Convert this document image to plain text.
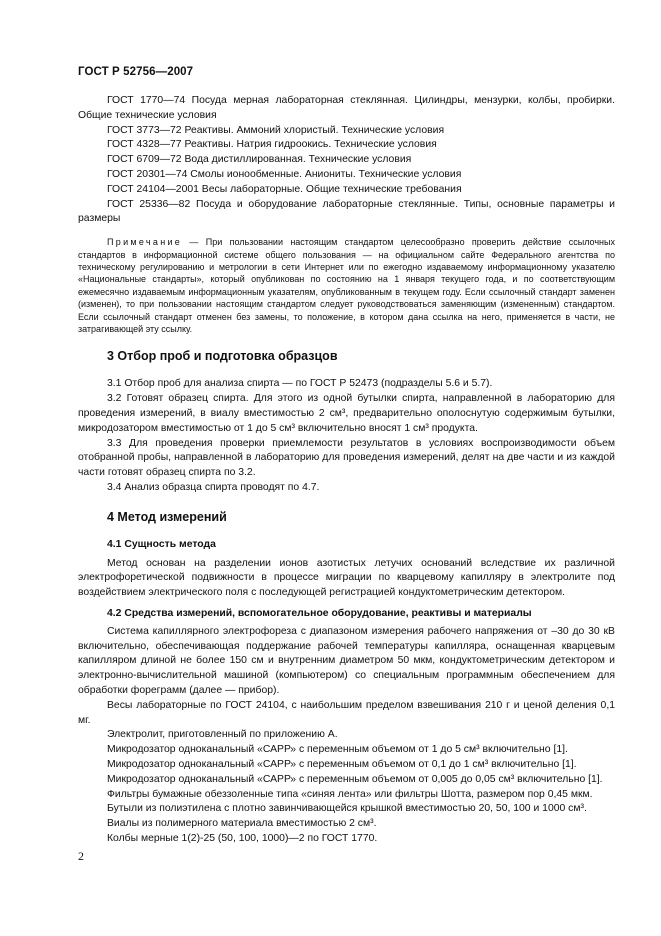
ГОСТ Р 52756—2007

ГОСТ 1770—74 Посуда мерная лабораторная стеклянная. Цилиндры, мензурки, колбы, пробирки. Общие технические условия

ГОСТ 3773—72 Реактивы. Аммоний хлористый. Технические условия

ГОСТ 4328—77 Реактивы. Натрия гидроокись. Технические условия

ГОСТ 6709—72 Вода дистиллированная. Технические условия

ГОСТ 20301—74 Смолы ионообменные. Аниониты. Технические условия

ГОСТ 24104—2001 Весы лабораторные. Общие технические требования

ГОСТ 25336—82 Посуда и оборудование лабораторные стеклянные. Типы, основные параметры и размеры

Примечание — При пользовании настоящим стандартом целесообразно проверить действие ссылочных стандартов в информационной системе общего пользования — на официальном сайте Федерального агентства по техническому регулированию и метрологии в сети Интернет или по ежегодно издаваемому информационному указателю «Национальные стандарты», который опубликован по состоянию на 1 января текущего года, и по соответствующим ежемесячно издаваемым информационным указателям, опубликованным в текущем году. Если ссылочный стандарт заменен (изменен), то при пользовании настоящим стандартом следует руководствоваться заменяющим (измененным) стандартом. Если ссылочный стандарт отменен без замены, то положение, в котором дана ссылка на него, применяется в части, не затрагивающей эту ссылку.
3 Отбор проб и подготовка образцов

3.1 Отбор проб для анализа спирта — по ГОСТ Р 52473 (подразделы 5.6 и 5.7).

3.2 Готовят образец спирта. Для этого из одной бутылки спирта, направленной в лабораторию для проведения измерений, в виалу вместимостью 2 см³, предварительно ополоснутую содержимым бутылки, микродозатором вместимостью от 1 до 5 см³ включительно вносят 1 см³ продукта.

3.3 Для проведения проверки приемлемости результатов в условиях воспроизводимости объем отобранной пробы, направленной в лабораторию для проведения измерений, делят на две части и из каждой части готовят образец спирта по 3.2.

3.4 Анализ образца спирта проводят по 4.7.

4 Метод измерений
4.1 Сущность метода

Метод основан на разделении ионов азотистых летучих оснований вследствие их различной электрофоретической подвижности в процессе миграции по кварцевому капилляру в электролите под воздействием электрического поля с последующей регистрацией кондуктометрическим детектором.

4.2 Средства измерений, вспомогательное оборудование, реактивы и материалы

Система капиллярного электрофореза с диапазоном измерения рабочего напряжения от –30 до 30 кВ включительно, обеспечивающая поддержание рабочей температуры капилляра, оснащенная кварцевым капилляром длиной не более 150 см и внутренним диаметром 50 мкм, кондуктометрическим детектором и электронно-вычислительной машиной (компьютером) со специальным программным обеспечением для обработки фореграмм (далее — прибор).

Весы лабораторные по ГОСТ 24104, с наибольшим пределом взвешивания 210 г и ценой деления 0,1 мг.

Электролит, приготовленный по приложению А.

Микродозатор одноканальный «САРР» с переменным объемом от 1 до 5 см³ включительно [1].

Микродозатор одноканальный «САРР» с переменным объемом от 0,1 до 1 см³ включительно [1].

Микродозатор одноканальный «САРР» с переменным объемом от 0,005 до 0,05 см³ включительно [1].

Фильтры бумажные обеззоленные типа «синяя лента» или фильтры Шотта, размером пор 0,45 мкм.

Бутыли из полиэтилена с плотно завинчивающейся крышкой вместимостью 20, 50, 100 и 1000 см³.

Виалы из полимерного материала вместимостью 2 см³.

Колбы мерные 1(2)-25 (50, 100, 1000)—2 по ГОСТ 1770.

2
